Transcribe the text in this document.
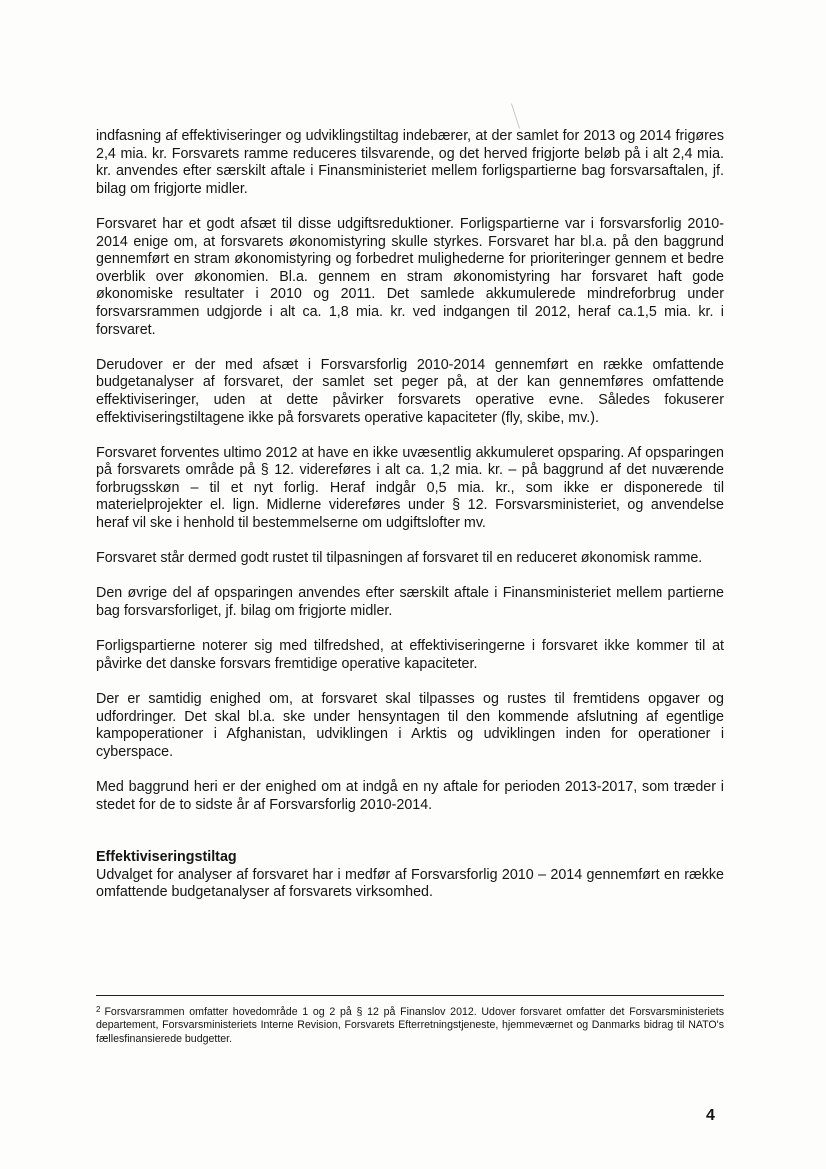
indfasning af effektiviseringer og udviklingstiltag indebærer, at der samlet for 2013 og 2014 frigøres 2,4 mia. kr. Forsvarets ramme reduceres tilsvarende, og det herved frigjorte beløb på i alt 2,4 mia. kr. anvendes efter særskilt aftale i Finansministeriet mellem forligspartierne bag forsvarsaftalen, jf. bilag om frigjorte midler.

Forsvaret har et godt afsæt til disse udgiftsreduktioner. Forligspartierne var i forsvarsforlig 2010-2014 enige om, at forsvarets økonomistyring skulle styrkes. Forsvaret har bl.a. på den baggrund gennemført en stram økonomistyring og forbedret mulighederne for prioriteringer gennem et bedre overblik over økonomien. Bl.a. gennem en stram økonomistyring har forsvaret haft gode økonomiske resultater i 2010 og 2011. Det samlede akkumulerede mindreforbrug under forsvarsrammen udgjorde i alt ca. 1,8 mia. kr. ved indgangen til 2012, heraf ca.1,5 mia. kr. i forsvaret.

Derudover er der med afsæt i Forsvarsforlig 2010-2014 gennemført en række omfattende budgetanalyser af forsvaret, der samlet set peger på, at der kan gennemføres omfattende effektiviseringer, uden at dette påvirker forsvarets operative evne. Således fokuserer effektiviseringstiltagene ikke på forsvarets operative kapaciteter (fly, skibe, mv.).

Forsvaret forventes ultimo 2012 at have en ikke uvæsentlig akkumuleret opsparing. Af opsparingen på forsvarets område på § 12. videreføres i alt ca. 1,2 mia. kr. – på baggrund af det nuværende forbrugsskøn – til et nyt forlig. Heraf indgår 0,5 mia. kr., som ikke er disponerede til materielprojekter el. lign. Midlerne videreføres under § 12. Forsvarsministeriet, og anvendelse heraf vil ske i henhold til bestemmelserne om udgiftslofter mv.

Forsvaret står dermed godt rustet til tilpasningen af forsvaret til en reduceret økonomisk ramme.

Den øvrige del af opsparingen anvendes efter særskilt aftale i Finansministeriet mellem partierne bag forsvarsforliget, jf. bilag om frigjorte midler.

Forligspartierne noterer sig med tilfredshed, at effektiviseringerne i forsvaret ikke kommer til at påvirke det danske forsvars fremtidige operative kapaciteter.

Der er samtidig enighed om, at forsvaret skal tilpasses og rustes til fremtidens opgaver og udfordringer. Det skal bl.a. ske under hensyntagen til den kommende afslutning af egentlige kampoperationer i Afghanistan, udviklingen i Arktis og udviklingen inden for operationer i cyberspace.

Med baggrund heri er der enighed om at indgå en ny aftale for perioden 2013-2017, som træder i stedet for de to sidste år af Forsvarsforlig 2010-2014.

Effektiviseringstiltag

Udvalget for analyser af forsvaret har i medfør af Forsvarsforlig 2010 – 2014 gennemført en række omfattende budgetanalyser af forsvarets virksomhed.

$^2$ Forsvarsrammen omfatter hovedområde 1 og 2 på § 12 på Finanslov 2012. Udover forsvaret omfatter det Forsvarsministeriets departement, Forsvarsministeriets Interne Revision, Forsvarets Efterretningstjeneste, hjemmeværnet og Danmarks bidrag til NATO's fællesfinansierede budgetter.
4
